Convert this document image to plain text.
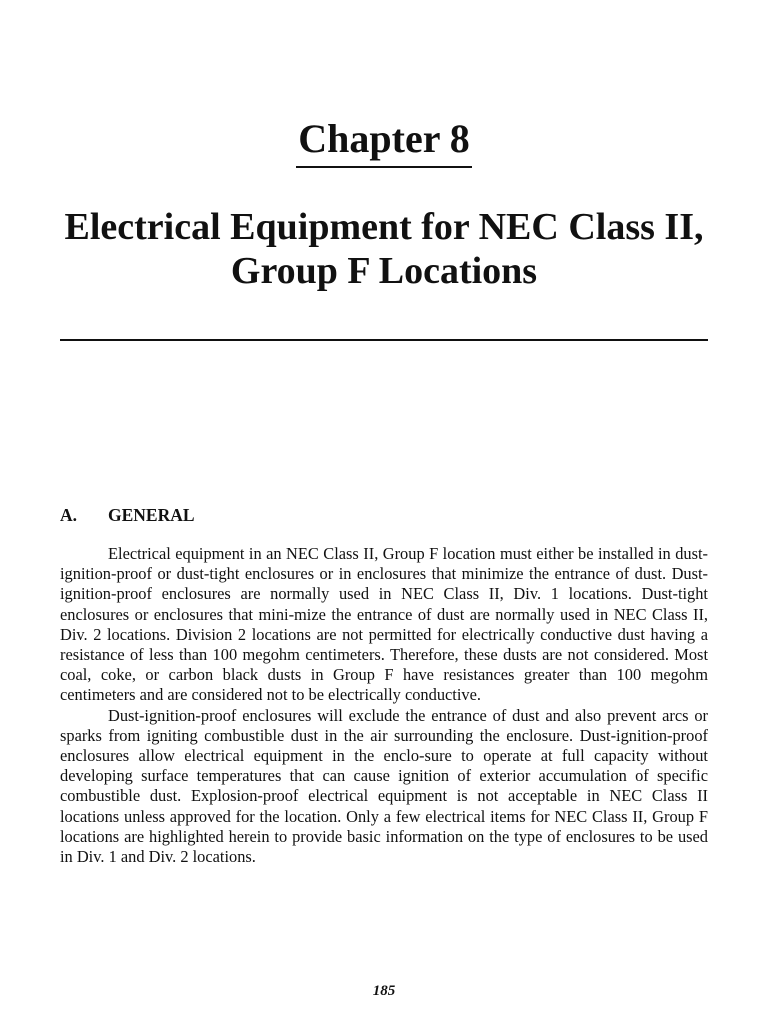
Chapter 8
Electrical Equipment for NEC Class II, Group F Locations
A. GENERAL

Electrical equipment in an NEC Class II, Group F location must either be installed in dust-ignition-proof or dust-tight enclosures or in enclosures that minimize the entrance of dust. Dust-ignition-proof enclosures are normally used in NEC Class II, Div. 1 locations. Dust-tight enclosures or enclosures that mini-mize the entrance of dust are normally used in NEC Class II, Div. 2 locations. Division 2 locations are not permitted for electrically conductive dust having a resistance of less than 100 megohm centimeters. Therefore, these dusts are not considered. Most coal, coke, or carbon black dusts in Group F have resistances greater than 100 megohm centimeters and are considered not to be electrically conductive.

Dust-ignition-proof enclosures will exclude the entrance of dust and also prevent arcs or sparks from igniting combustible dust in the air surrounding the enclosure. Dust-ignition-proof enclosures allow electrical equipment in the enclo-sure to operate at full capacity without developing surface temperatures that can cause ignition of exterior accumulation of specific combustible dust. Explosion-proof electrical equipment is not acceptable in NEC Class II locations unless approved for the location. Only a few electrical items for NEC Class II, Group F locations are highlighted herein to provide basic information on the type of enclosures to be used in Div. 1 and Div. 2 locations.

185
